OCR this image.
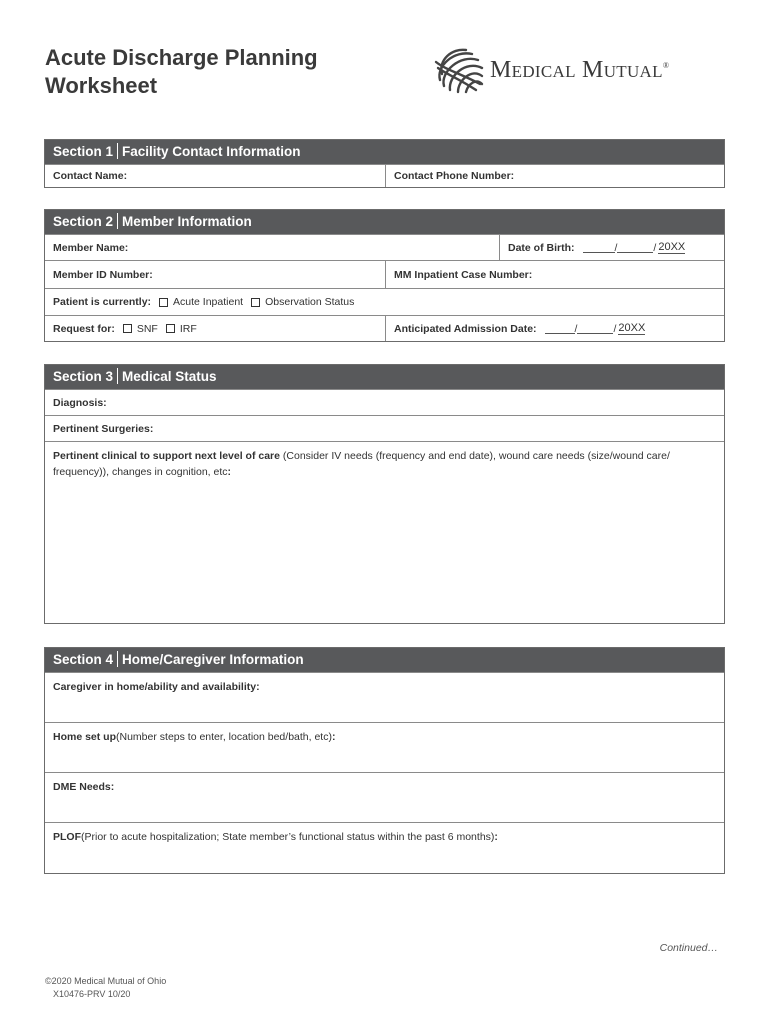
Acute Discharge Planning
Worksheet
Medical Mutual®
Section 1 Facility Contact Information
Contact Name:	Contact Phone Number:
Section 2 Member Information
Member Name:	Date of Birth:	/	/ 20XX
Member ID Number:	MM Inpatient Case Number:
Patient is currently: Acute Inpatient Observation Status
Request for: SNF IRF	Anticipated Admission Date:	/	/ 20XX
Section 3 Medical Status
Diagnosis:
Pertinent Surgeries:
Pertinent clinical to support next level of care (Consider IV needs (frequency and end date), wound care needs (size/wound care/ frequency)), changes in cognition, etc:
Section 4 Home/Caregiver Information
Caregiver in home/ability and availability:
Home set up (Number steps to enter, location bed/bath, etc) :
DME Needs:
PLOF (Prior to acute hospitalization; State member’s functional status within the past 6 months) :
Continued…
©2020 Medical Mutual of Ohio
X10476-PRV 10/20
